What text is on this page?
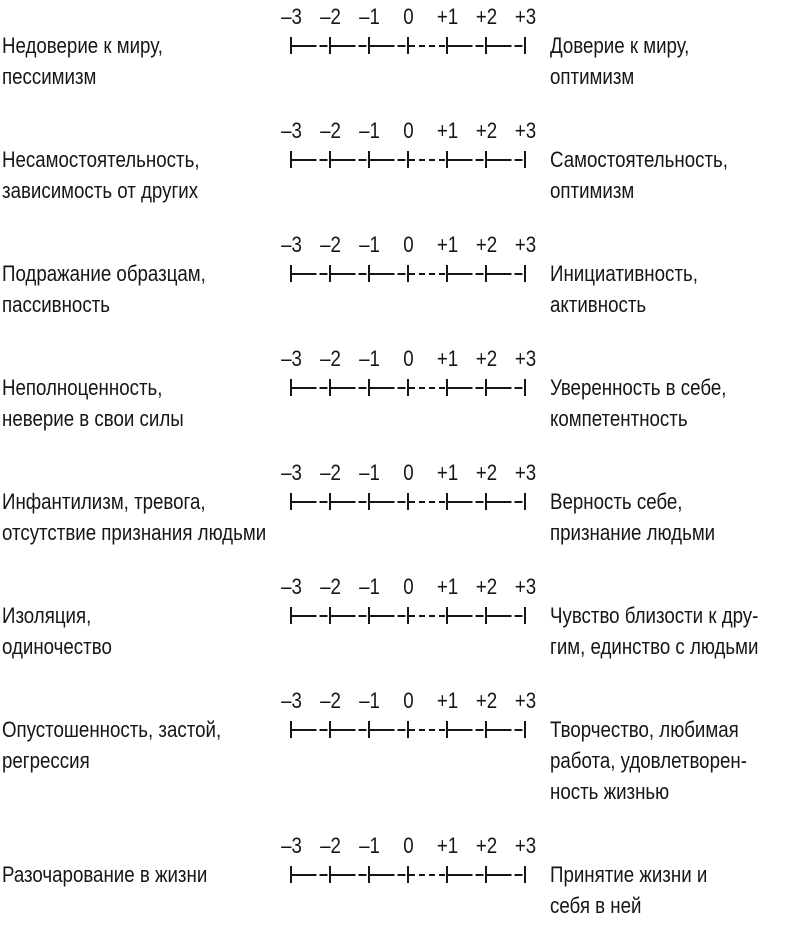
Недоверие к миру,
пессимизм
–3 –2 –1	0	+1 +2 +3
Доверие к миру,
оптимизм
Несамостоятельность,
зависимость от других
–3 –2 –1	0	+1 +2 +3
Самостоятельность,
оптимизм
Подражание образцам,
пассивность
–3 –2 –1	0	+1 +2 +3
Инициативность,
активность
Неполноценность,
неверие в свои силы
–3 –2 –1	0	+1 +2 +3
Уверенность в себе,
компетентность
Инфантилизм, тревога,
отсутствие признания людьми
–3 –2 –1	0	+1 +2 +3
Верность себе,
признание людьми
Изоляция,
одиночество
–3 –2 –1	0	+1 +2 +3
Чувство близости к дру-
гим, единство с людьми
Опустошенность, застой,
регрессия
–3 –2 –1	0	+1 +2 +3
Творчество, любимая
работа, удовлетворен-
ность жизнью
Разочарование в жизни
–3 –2 –1	0	+1 +2 +3
Принятие жизни и
себя в ней
